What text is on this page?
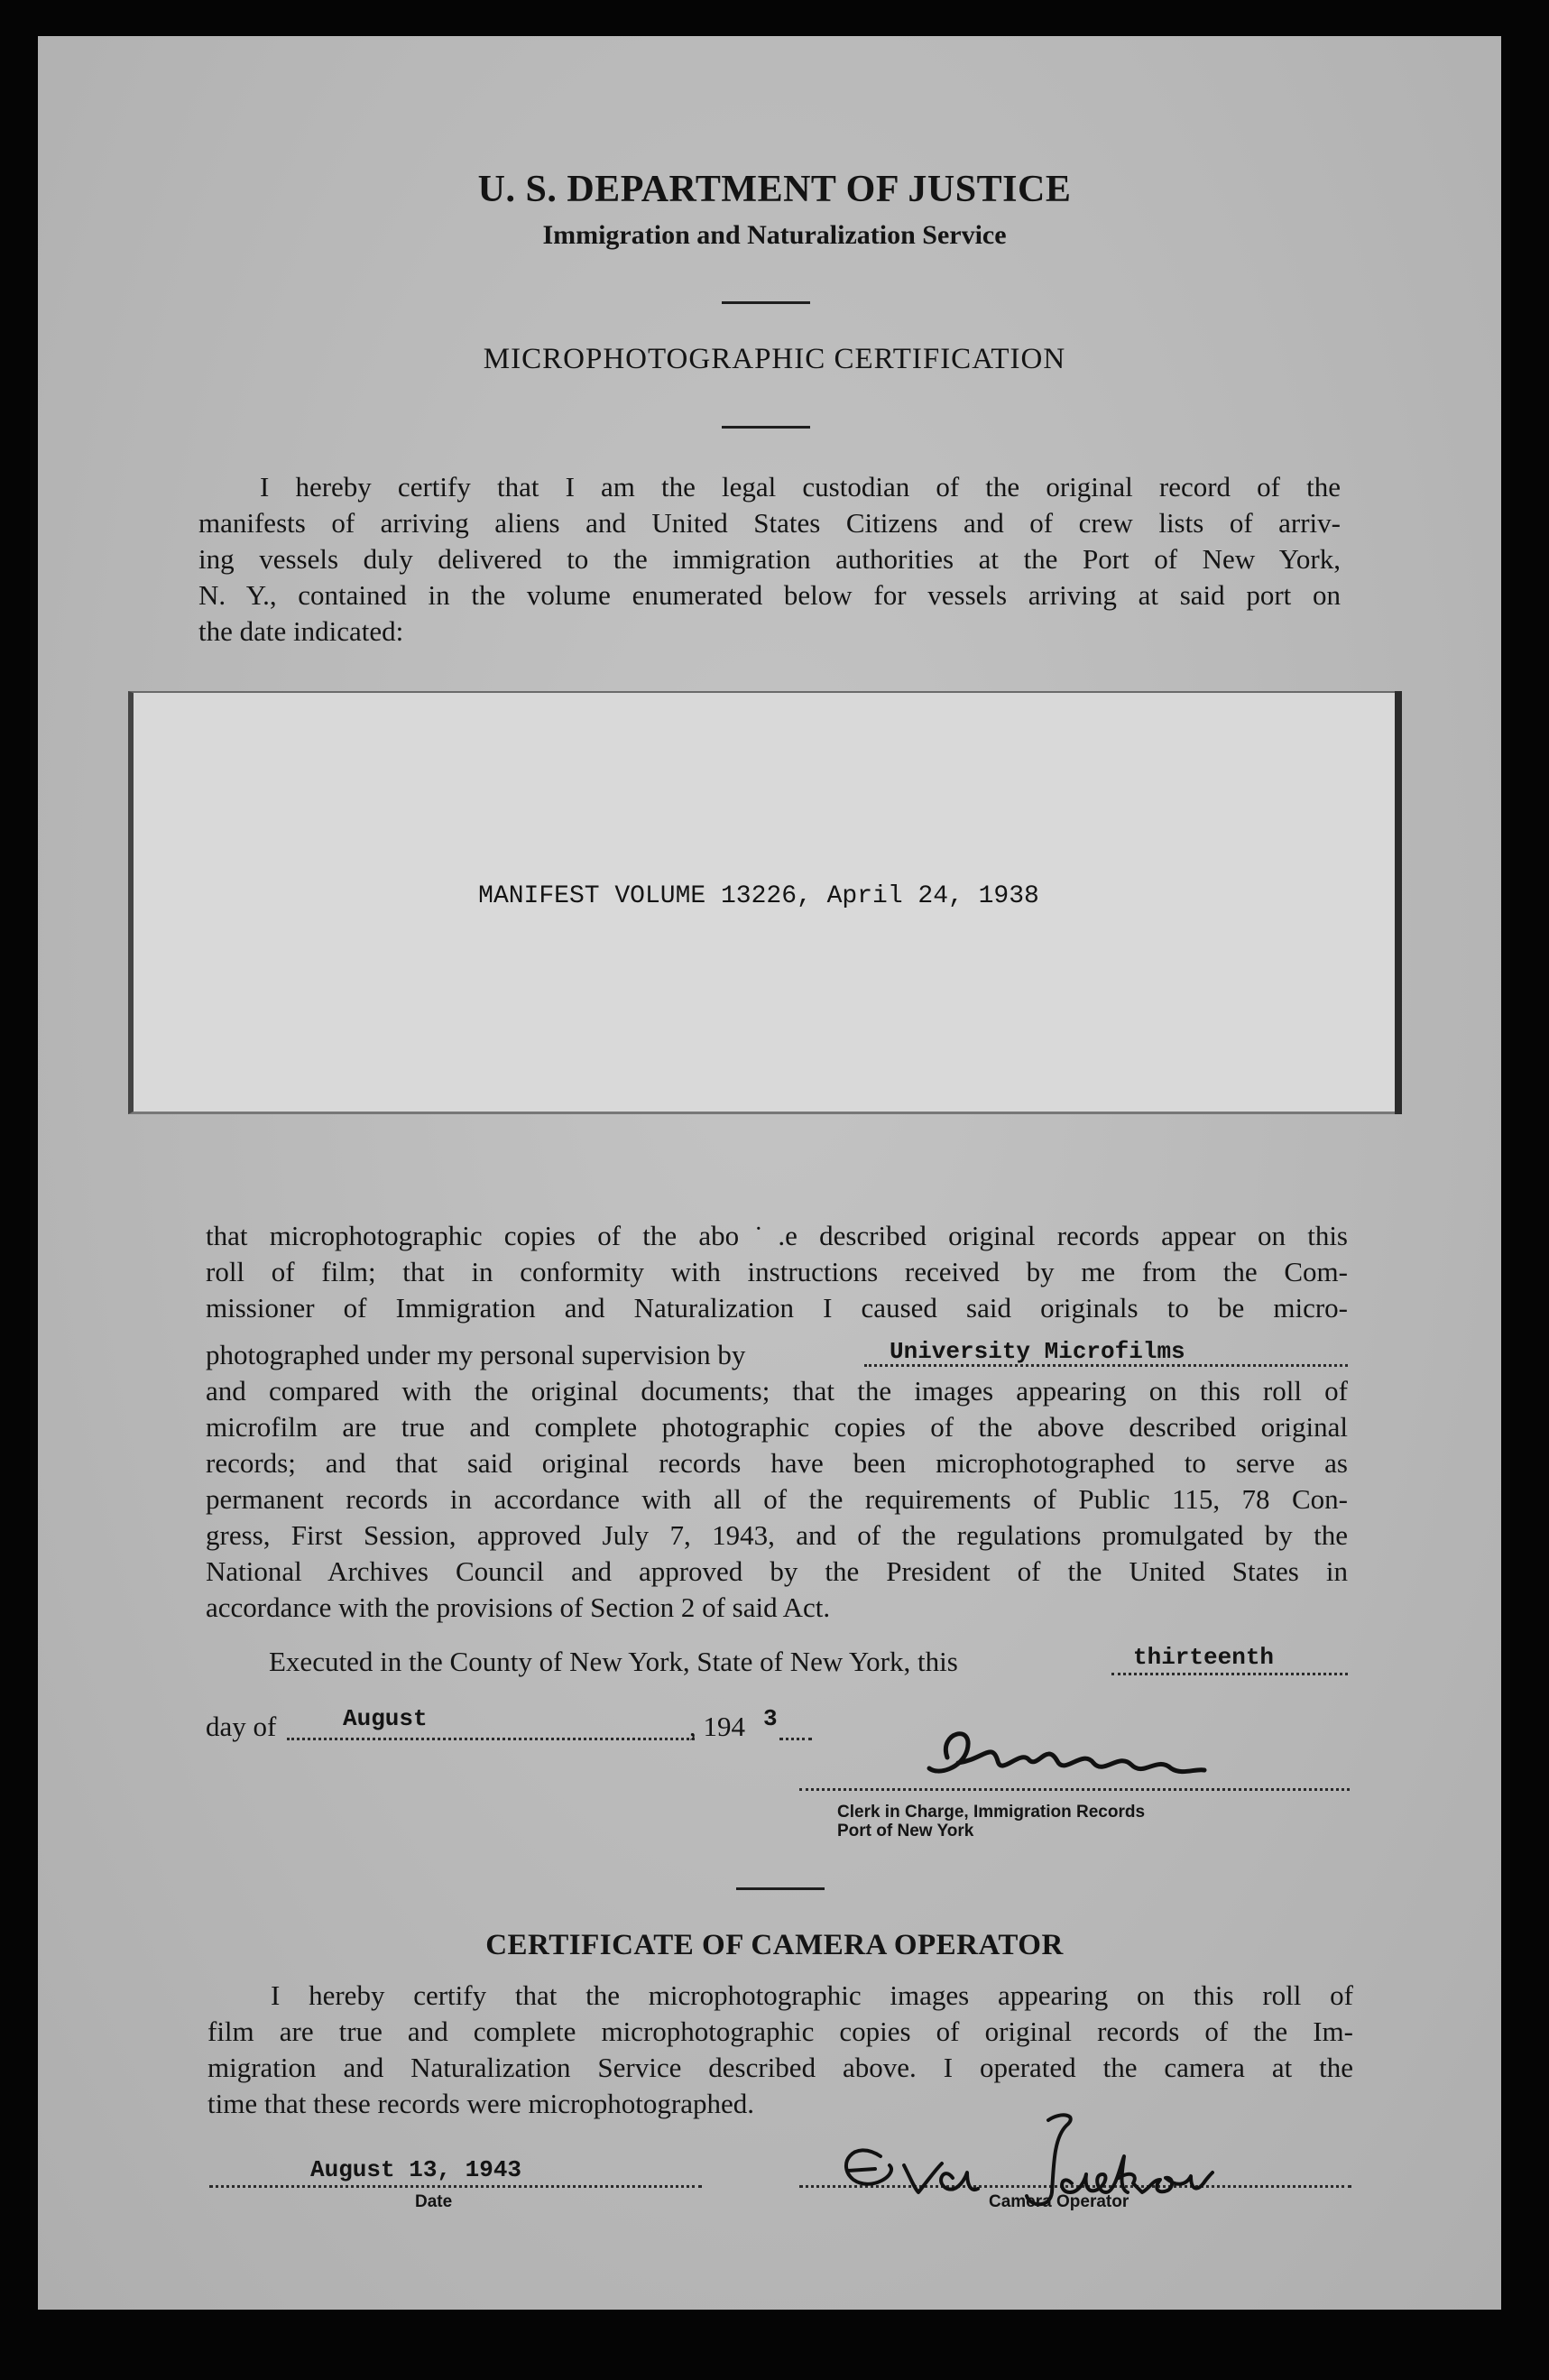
U. S. DEPARTMENT OF JUSTICE
Immigration and Naturalization Service
MICROPHOTOGRAPHIC CERTIFICATION
I hereby certify that I am the legal custodian of the original record of the
manifests of arriving aliens and United States Citizens and of crew lists of arriv-
ing vessels duly delivered to the immigration authorities at the Port of New York,
N. Y., contained in the volume enumerated below for vessels arriving at said port on
the date indicated:
MANIFEST VOLUME 13226, April 24, 1938
that microphotographic copies of the abo˙.e described original records appear on this
roll of film; that in conformity with instructions received by me from the Com-
missioner of Immigration and Naturalization I caused said originals to be micro-
photographed under my personal supervision by	University Microfilms
and compared with the original documents; that the images appearing on this roll of
microfilm are true and complete photographic copies of the above described original
records; and that said original records have been microphotographed to serve as
permanent records in accordance with all of the requirements of Public 115, 78 Con-
gress, First Session, approved July 7, 1943, and of the regulations promulgated by the
National Archives Council and approved by the President of the United States in
accordance with the provisions of Section 2 of said Act.
Executed in the County of New York, State of New York, this	thirteenth
day of	August	, 194 3
Clerk in Charge, Immigration Records
Port of New York
CERTIFICATE OF CAMERA OPERATOR
I hereby certify that the microphotographic images appearing on this roll of
film are true and complete microphotographic copies of original records of the Im-
migration and Naturalization Service described above. I operated the camera at the
time that these records were microphotographed.
August 13, 1943
Date	Camera Operator
